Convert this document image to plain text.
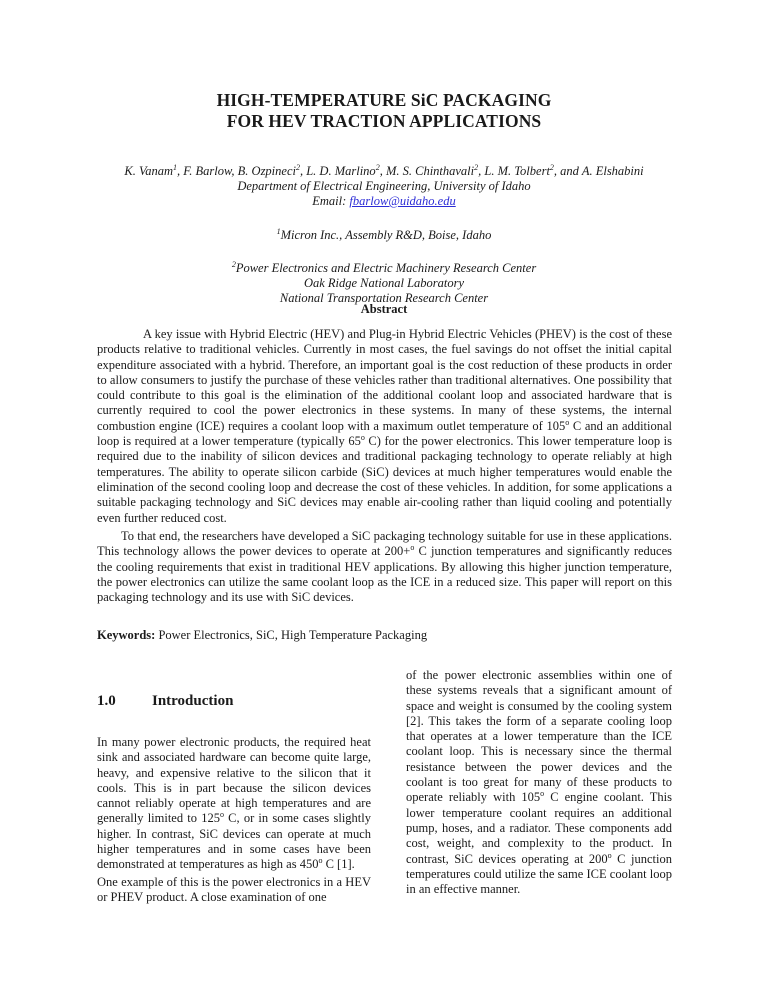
HIGH-TEMPERATURE SiC PACKAGING
FOR HEV TRACTION APPLICATIONS
K. Vanam$^1$, F. Barlow, B. Ozpineci$^2$, L. D. Marlino$^2$, M. S. Chinthavali$^2$, L. M. Tolbert$^2$, and A. Elshabini
Department of Electrical Engineering, University of Idaho
Email: fbarlow@uidaho.edu
$^1$Micron Inc., Assembly R&D, Boise, Idaho
$^2$Power Electronics and Electric Machinery Research Center
Oak Ridge National Laboratory
National Transportation Research Center
Abstract
A key issue with Hybrid Electric (HEV) and Plug-in Hybrid Electric Vehicles (PHEV) is the cost of these products relative to traditional vehicles. Currently in most cases, the fuel savings do not offset the initial capital expenditure associated with a hybrid. Therefore, an important goal is the cost reduction of these products in order to allow consumers to justify the purchase of these vehicles rather than traditional alternatives. One possibility that could contribute to this goal is the elimination of the additional coolant loop and associated hardware that is currently required to cool the power electronics in these systems. In many of these systems, the internal combustion engine (ICE) requires a coolant loop with a maximum outlet temperature of 105$^o$ C and an additional loop is required at a lower temperature (typically 65$^o$ C) for the power electronics. This lower temperature loop is required due to the inability of silicon devices and traditional packaging technology to operate reliably at high temperatures. The ability to operate silicon carbide (SiC) devices at much higher temperatures would enable the elimination of the second cooling loop and decrease the cost of these vehicles. In addition, for some applications a suitable packaging technology and SiC devices may enable air-cooling rather than liquid cooling and potentially even further reduced cost.
To that end, the researchers have developed a SiC packaging technology suitable for use in these applications. This technology allows the power devices to operate at 200+$^o$ C junction temperatures and significantly reduces the cooling requirements that exist in traditional HEV applications. By allowing this higher junction temperature, the power electronics can utilize the same coolant loop as the ICE in a reduced size. This paper will report on this packaging technology and its use with SiC devices.
Keywords: Power Electronics, SiC, High Temperature Packaging
1.0 Introduction
In many power electronic products, the required heat sink and associated hardware can become quite large, heavy, and expensive relative to the silicon that it cools. This is in part because the silicon devices cannot reliably operate at high temperatures and are generally limited to 125$^o$ C, or in some cases slightly higher. In contrast, SiC devices can operate at much higher temperatures and in some cases have been demonstrated at temperatures as high as 450$^o$ C [1].
One example of this is the power electronics in a HEV or PHEV product. A close examination of one
of the power electronic assemblies within one of these systems reveals that a significant amount of space and weight is consumed by the cooling system [2]. This takes the form of a separate cooling loop that operates at a lower temperature than the ICE coolant loop. This is necessary since the thermal resistance between the power devices and the coolant is too great for many of these products to operate reliably with 105$^o$ C engine coolant. This lower temperature coolant requires an additional pump, hoses, and a radiator. These components add cost, weight, and complexity to the product. In contrast, SiC devices operating at 200$^o$ C junction temperatures could utilize the same ICE coolant loop in an effective manner.
